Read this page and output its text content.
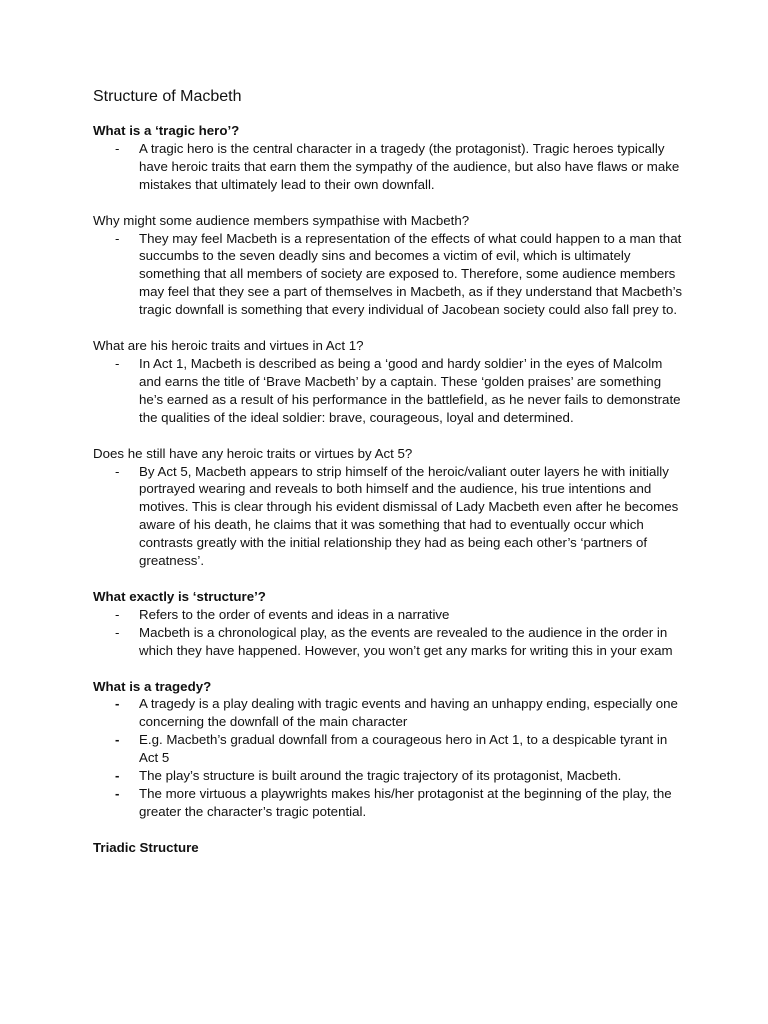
Structure of Macbeth

What is a ‘tragic hero’?

- A tragic hero is the central character in a tragedy (the protagonist). Tragic heroes typically have heroic traits that earn them the sympathy of the audience, but also have flaws or make mistakes that ultimately lead to their own downfall.

Why might some audience members sympathise with Macbeth?

- They may feel Macbeth is a representation of the effects of what could happen to a man that succumbs to the seven deadly sins and becomes a victim of evil, which is ultimately something that all members of society are exposed to. Therefore, some audience members may feel that they see a part of themselves in Macbeth, as if they understand that Macbeth’s tragic downfall is something that every individual of Jacobean society could also fall prey to.

What are his heroic traits and virtues in Act 1?

- In Act 1, Macbeth is described as being a ‘good and hardy soldier’ in the eyes of Malcolm and earns the title of ‘Brave Macbeth’ by a captain. These ‘golden praises’ are something he’s earned as a result of his performance in the battlefield, as he never fails to demonstrate the qualities of the ideal soldier: brave, courageous, loyal and determined.

Does he still have any heroic traits or virtues by Act 5?

- By Act 5, Macbeth appears to strip himself of the heroic/valiant outer layers he with initially portrayed wearing and reveals to both himself and the audience, his true intentions and motives. This is clear through his evident dismissal of Lady Macbeth even after he becomes aware of his death, he claims that it was something that had to eventually occur which contrasts greatly with the initial relationship they had as being each other’s ‘partners of greatness’.

What exactly is ‘structure’?

- Refers to the order of events and ideas in a narrative
- Macbeth is a chronological play, as the events are revealed to the audience in the order in which they have happened. However, you won’t get any marks for writing this in your exam

What is a tragedy?

- A tragedy is a play dealing with tragic events and having an unhappy ending, especially one concerning the downfall of the main character
- E.g. Macbeth’s gradual downfall from a courageous hero in Act 1, to a despicable tyrant in Act 5
- The play’s structure is built around the tragic trajectory of its protagonist, Macbeth.
- The more virtuous a playwrights makes his/her protagonist at the beginning of the play, the greater the character’s tragic potential.

Triadic Structure
